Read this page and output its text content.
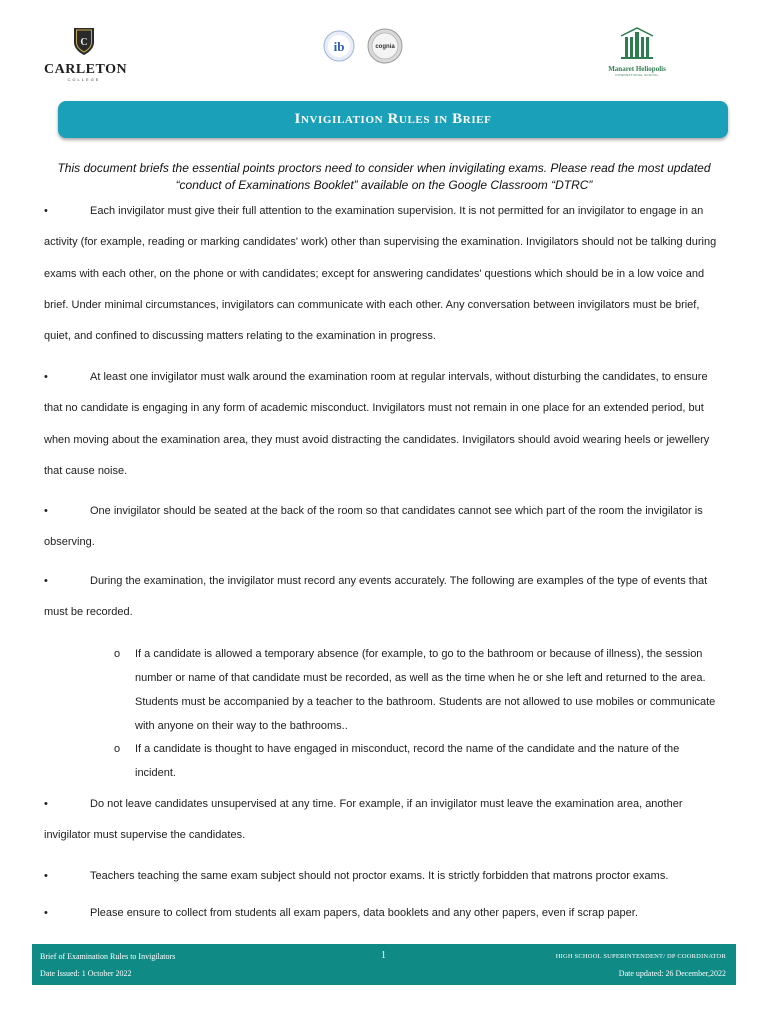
C
CARLETON
COLLEGE
ib	cognia
Manaret Heliopolis
INTERNATIONAL SCHOOL
Invigilation Rules in Brief
This document briefs the essential points proctors need to consider when invigilating exams. Please read the most updated “conduct of Examinations Booklet” available on the Google Classroom “DTRC”
•	Each invigilator must give their full attention to the examination supervision. It is not permitted for an invigilator to engage in an activity (for example, reading or marking candidates' work) other than supervising the examination. Invigilators should not be talking during exams with each other, on the phone or with candidates; except for answering candidates' questions which should be in a low voice and brief. Under minimal circumstances, invigilators can communicate with each other. Any conversation between invigilators must be brief, quiet, and confined to discussing matters relating to the examination in progress.
•	At least one invigilator must walk around the examination room at regular intervals, without disturbing the candidates, to ensure that no candidate is engaging in any form of academic misconduct. Invigilators must not remain in one place for an extended period, but when moving about the examination area, they must avoid distracting the candidates. Invigilators should avoid wearing heels or jewellery that cause noise.
•	One invigilator should be seated at the back of the room so that candidates cannot see which part of the room the invigilator is observing.
•	During the examination, the invigilator must record any events accurately. The following are examples of the type of events that must be recorded.
o If a candidate is allowed a temporary absence (for example, to go to the bathroom or because of illness), the session number or name of that candidate must be recorded, as well as the time when he or she left and returned to the area. Students must be accompanied by a teacher to the bathroom. Students are not allowed to use mobiles or communicate with anyone on their way to the bathrooms..
o If a candidate is thought to have engaged in misconduct, record the name of the candidate and the nature of the incident.
•	Do not leave candidates unsupervised at any time. For example, if an invigilator must leave the examination area, another invigilator must supervise the candidates.
•	Teachers teaching the same exam subject should not proctor exams. It is strictly forbidden that matrons proctor exams.
•	Please ensure to collect from students all exam papers, data booklets and any other papers, even if scrap paper.
Brief of Examination Rules to Invigilators
Date Issued: 1 October 2022
1	HIGH SCHOOL SUPERINTENDENT/ DP COORDINATOR
Date updated: 26 December,2022
